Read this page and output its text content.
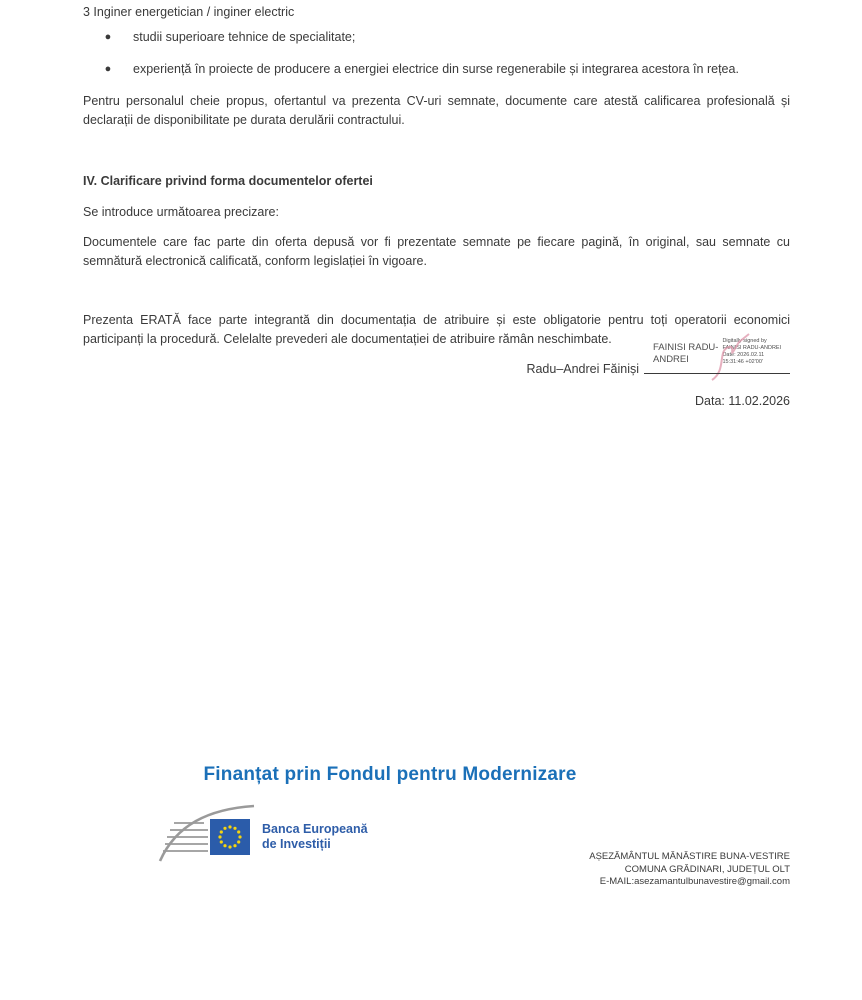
3 Inginer energetician / inginer electric
●	studii superioare tehnice de specialitate;
●	experiență în proiecte de producere a energiei electrice din surse regenerabile și integrarea acestora în rețea.
Pentru personalul cheie propus, ofertantul va prezenta CV-uri semnate, documente care atestă calificarea profesională și declarații de disponibilitate pe durata derulării contractului.
IV. Clarificare privind forma documentelor ofertei
Se introduce următoarea precizare:
Documentele care fac parte din oferta depusă vor fi prezentate semnate pe fiecare pagină, în original, sau semnate cu semnătură electronică calificată, conform legislației în vigoare.
Prezenta ERATĂ face parte integrantă din documentația de atribuire și este obligatorie pentru toți operatorii economici participanți la procedură. Celelalte prevederi ale documentației de atribuire rămân neschimbate.
FAINISI RADU-
ANDREI
Digitally signed by
FAINISI RADU-ANDREI
Date: 2026.02.11
15:31:46 +02'00'
Radu–Andrei Făiniși
Data: 11.02.2026
Finanțat prin Fondul pentru Modernizare
Banca Europeană
de Investiții
AȘEZĂMÂNTUL MĂNĂSTIRE BUNA-VESTIRE
COMUNA GRĂDINARI, JUDEȚUL OLT
E-MAIL:asezamantulbunavestire@gmail.com
